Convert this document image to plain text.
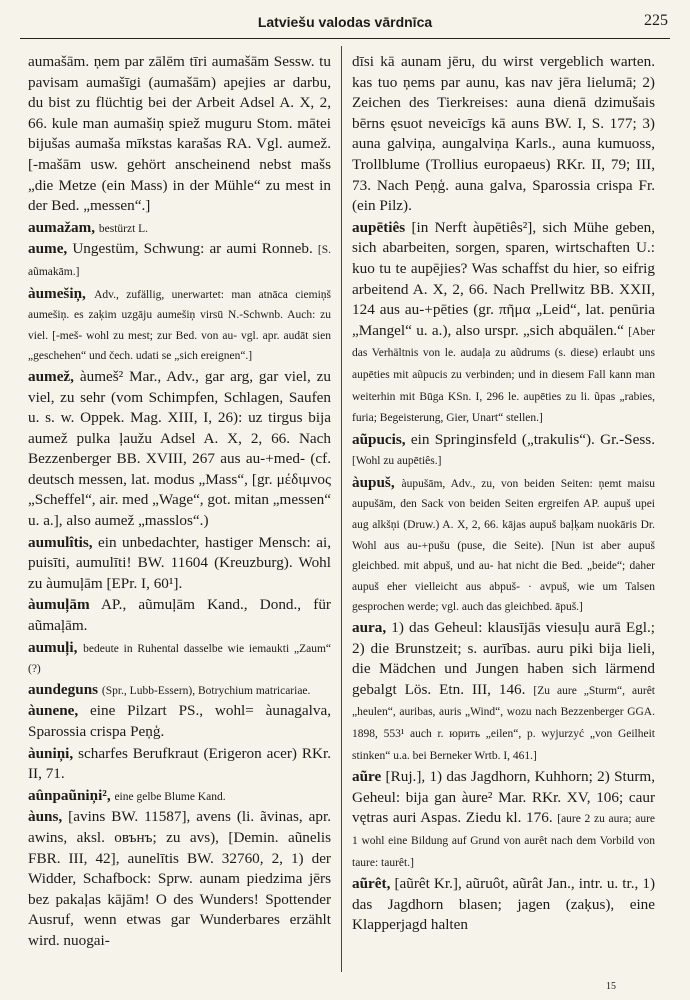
Latviešu valodas vārdnīca	225

aumašām. ņem par zālēm tīri aumašām Sessw. tu pavisam aumašīgi (aumašām) apejies ar darbu, du bist zu flüchtig bei der Arbeit Adsel A. X, 2, 66. kule man aumašiņ spiež muguru Stom. mātei bijušas aumaša mīkstas karašas RA. Vgl. aumež. [-mašām usw. gehört anscheinend nebst mašs „die Metze (ein Mass) in der Mühle“ zu mest in der Bed. „messen“.]

aumažam, bestürzt L.

aume, Ungestüm, Schwung: ar aumi Ronneb. [S. aũmakām.]

àumešiņ, Adv., zufällig, unerwartet: man atnāca ciemiņš aumešiņ. es zaķim uzgāju aumešiņ virsū N.-Schwnb. Auch: zu viel. [-meš- wohl zu mest; zur Bed. von au- vgl. apr. audāt sien „geschehen“ und čech. udati se „sich ereignen“.]

aumež, àumeš² Mar., Adv., gar arg, gar viel, zu viel, zu sehr (vom Schimpfen, Schlagen, Saufen u. s. w. Oppek. Mag. XIII, I, 26): uz tirgus bija aumež pulka ļaužu Adsel A. X, 2, 66. Nach Bezzenberger BB. XVIII, 267 aus au-+med- (cf. deutsch messen, lat. modus „Mass“, [gr. μέδιμνος „Scheffel“, air. med „Wage“, got. mitan „messen“ u. a.], also aumež „masslos“.)

aumulîtis, ein unbedachter, hastiger Mensch: ai, puisīti, aumulīti! BW. 11604 (Kreuzburg). Wohl zu àumuļām [EPr. I, 60¹].

àumuļām AP., aũmuļām Kand., Dond., für aũmaļām.

aumuļi, bedeute in Ruhental dasselbe wie iemaukti „Zaum“ (?)

aundeguns (Spr., Lubb-Essern), Botrychium matricariae.

àunene, eine Pilzart PS., wohl= àunagalva, Sparossia crispa Peņģ.

àuniņi, scharfes Berufkraut (Erigeron acer) RKr. II, 71.

aûnpaũniņi², eine gelbe Blume Kand.

àuns, [avins BW. 11587], avens (li. ãvinas, apr. awins, aksl. овънъ; zu avs), [Demin. aũnelis FBR. III, 42], aunelītis BW. 32760, 2, 1) der Widder, Schafbock: Sprw. aunam piedzima jērs bez pakaļas kājām! O des Wunders! Spottender Ausruf, wenn etwas gar Wunderbares erzählt wird. nuogai-

dīsi kā aunam jēru, du wirst vergeblich warten. kas tuo ņems par aunu, kas nav jēra lielumā; 2) Zeichen des Tierkreises: auna dienā dzimušais bērns ęsuot neveicīgs kā auns BW. I, S. 177; 3) auna galviņa, aungalviņa Karls., auna kumuoss, Trollblume (Trollius europaeus) RKr. II, 79; III, 73. Nach Peņģ. auna galva, Sparossia crispa Fr. (ein Pilz).

aupētiês [in Nerft àupētiês²], sich Mühe geben, sich abarbeiten, sorgen, sparen, wirtschaften U.: kuo tu te aupējies? Was schaffst du hier, so eifrig arbeitend A. X, 2, 66. Nach Prellwitz BB. XXII, 124 aus au-+pēties (gr. πῆμα „Leid“, lat. penūria „Mangel“ u. a.), also urspr. „sich abquälen.“ [Aber das Verhältnis von le. audaļa zu aũdrums (s. diese) erlaubt uns aupēties mit aũpucis zu verbinden; und in diesem Fall kann man weiterhin mit Būga KSn. I, 296 le. aupēties zu li. ũpas „rabies, furia; Begeisterung, Gier, Unart“ stellen.]

aũpucis, ein Springinsfeld („trakulis“). Gr.-Sess. [Wohl zu aupētiês.]

àupuš, àupušām, Adv., zu, von beiden Seiten: ņemt maisu aupušām, den Sack von beiden Seiten ergreifen AP. aupuš upei aug alkšņi (Druw.) A. X, 2, 66. kājas aupuš baļķam nuokāris Dr. Wohl aus au-+pušu (puse, die Seite). [Nun ist aber aupuš gleichbed. mit abpuš, und au- hat nicht die Bed. „beide“; daher aupuš eher vielleicht aus abpuš- · avpuš, wie um Talsen gesprochen werde; vgl. auch das gleichbed. āpuš.]

aura, 1) das Geheul: klausījās viesuļu aurā Egl.; 2) die Brunstzeit; s. aurības. auru piki bija lieli, die Mädchen und Jungen haben sich lärmend gebalgt Lös. Etn. III, 146. [Zu aure „Sturm“, aurêt „heulen“, auribas, auris „Wind“, wozu nach Bezzenberger GGA. 1898, 553¹ auch r. юрить „eilen“, p. wyjurzyć „von Geilheit stinken“ u.a. bei Berneker Wrtb. I, 461.]

aũre [Ruj.], 1) das Jagdhorn, Kuhhorn; 2) Sturm, Geheul: bija gan àure² Mar. RKr. XV, 106; caur vętras auri Aspas. Ziedu kl. 176. [aure 2 zu aura; aure 1 wohl eine Bildung auf Grund von aurêt nach dem Vorbild von taure: taurêt.]

aũrêt, [aũrêt Kr.], aũruôt, aũrât Jan., intr. u. tr., 1) das Jagdhorn blasen; jagen (zaķus), eine Klapperjagd halten

15
